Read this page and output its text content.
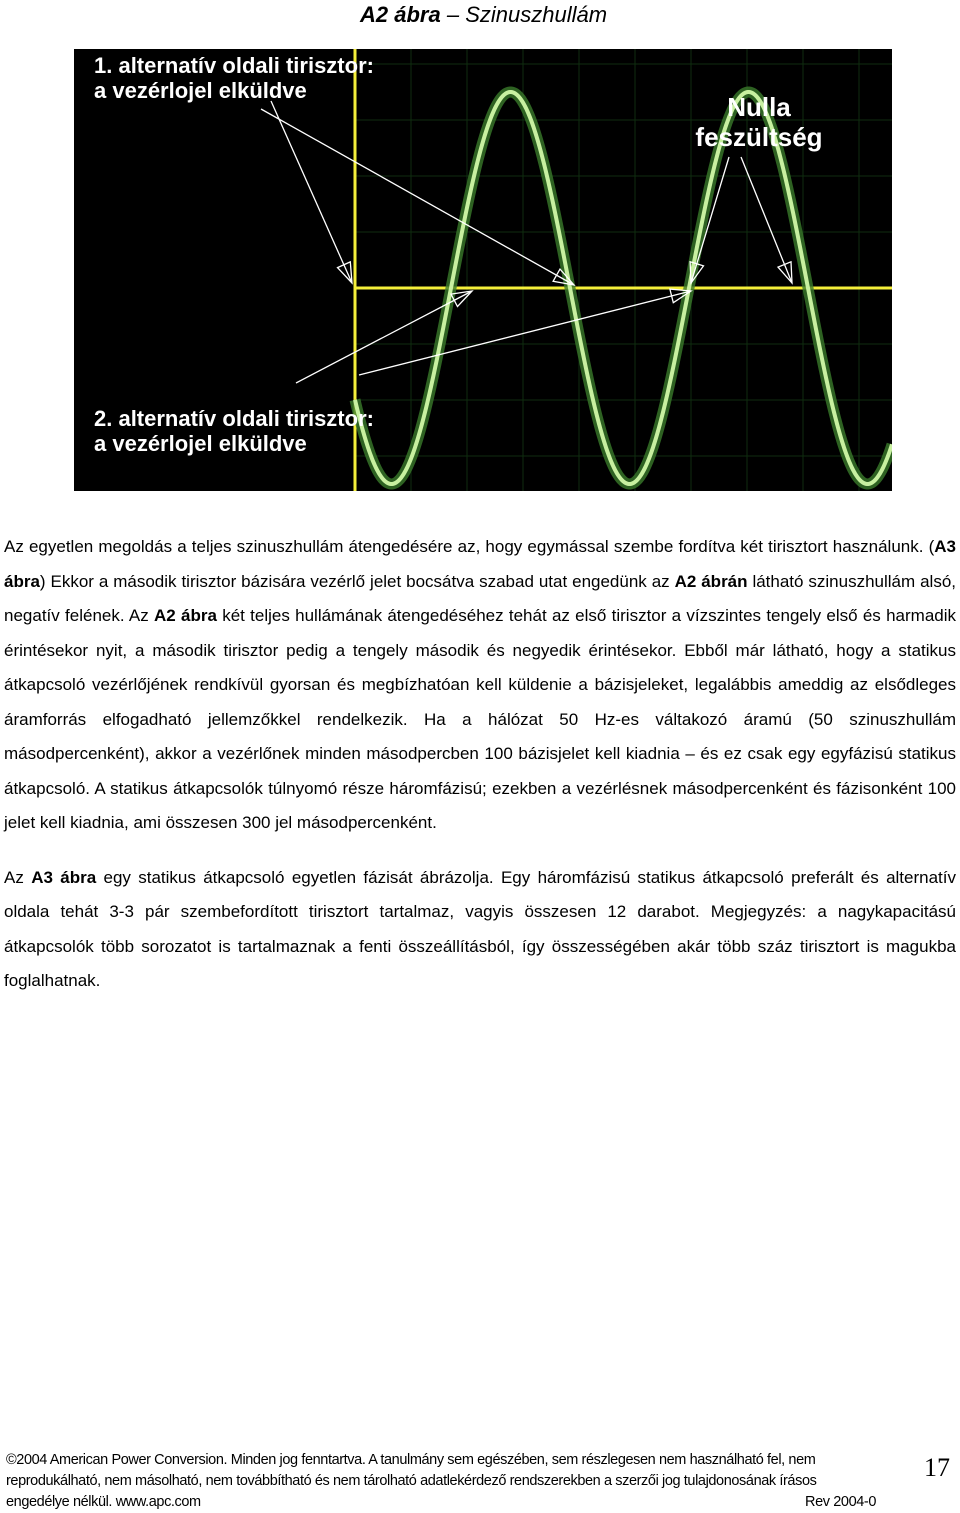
A2 ábra – Szinuszhullám
1. alternatív oldali tirisztor: a vezérlojel elküldve
Nulla feszültség
2. alternatív oldali tirisztor: a vezérlojel elküldve

Az egyetlen megoldás a teljes szinuszhullám átengedésére az, hogy egymással szembe fordítva két tirisztort használunk. (A3 ábra) Ekkor a második tirisztor bázisára vezérlő jelet bocsátva szabad utat engedünk az A2 ábrán látható szinuszhullám alsó, negatív felének. Az A2 ábra két teljes hullámának átengedéséhez tehát az első tirisztor a vízszintes tengely első és harmadik érintésekor nyit, a második tirisztor pedig a tengely második és negyedik érintésekor. Ebből már látható, hogy a statikus átkapcsoló vezérlőjének rendkívül gyorsan és megbízhatóan kell küldenie a bázisjeleket, legalábbis ameddig az elsődleges áramforrás elfogadható jellemzőkkel rendelkezik. Ha a hálózat 50 Hz-es váltakozó áramú (50 szinuszhullám másodpercenként), akkor a vezérlőnek minden másodpercben 100 bázisjelet kell kiadnia – és ez csak egy egyfázisú statikus átkapcsoló. A statikus átkapcsolók túlnyomó része háromfázisú; ezekben a vezérlésnek másodpercenként és fázisonként 100 jelet kell kiadnia, ami összesen 300 jel másodpercenként.

Az A3 ábra egy statikus átkapcsoló egyetlen fázisát ábrázolja. Egy háromfázisú statikus átkapcsoló preferált és alternatív oldala tehát 3-3 pár szembefordított tirisztort tartalmaz, vagyis összesen 12 darabot. Megjegyzés: a nagykapacitású átkapcsolók több sorozatot is tartalmaznak a fenti összeállításból, így összességében akár több száz tirisztort is magukba foglalhatnak.

©2004 American Power Conversion. Minden jog fenntartva. A tanulmány sem egészében, sem részlegesen nem használható fel, nem
reprodukálható, nem másolható, nem továbbítható és nem tárolható adatlekérdező rendszerekben a szerzői jog tulajdonosának írásos
engedélye nélkül. www.apc.com	Rev 2004-0
17
